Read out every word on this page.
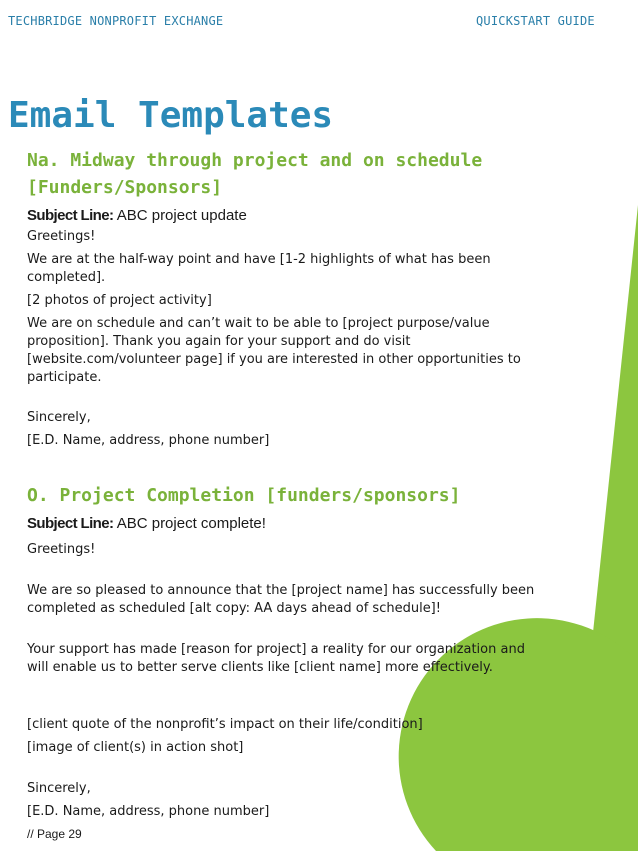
TECHBRIDGE NONPROFIT EXCHANGE	QUICKSTART GUIDE
Email Templates
Na. Midway through project and on schedule
[Funders/Sponsors]
Subject Line: ABC project update

Greetings!

We are at the half-way point and have [1-2 highlights of what has been completed].

[2 photos of project activity]

We are on schedule and can’t wait to be able to [project purpose/value proposition]. Thank you again for your support and do visit [website.com/volunteer page] if you are interested in other opportunities to participate.

Sincerely,

[E.D. Name, address, phone number]

O. Project Completion [funders/sponsors]
Subject Line: ABC project complete!

Greetings!

We are so pleased to announce that the [project name] has successfully been completed as scheduled [alt copy: AA days ahead of schedule]!

Your support has made [reason for project] a reality for our organization and will enable us to better serve clients like [client name] more effectively.

[client quote of the nonprofit’s impact on their life/condition]

[image of client(s) in action shot]

Sincerely,

[E.D. Name, address, phone number]

// Page 29
